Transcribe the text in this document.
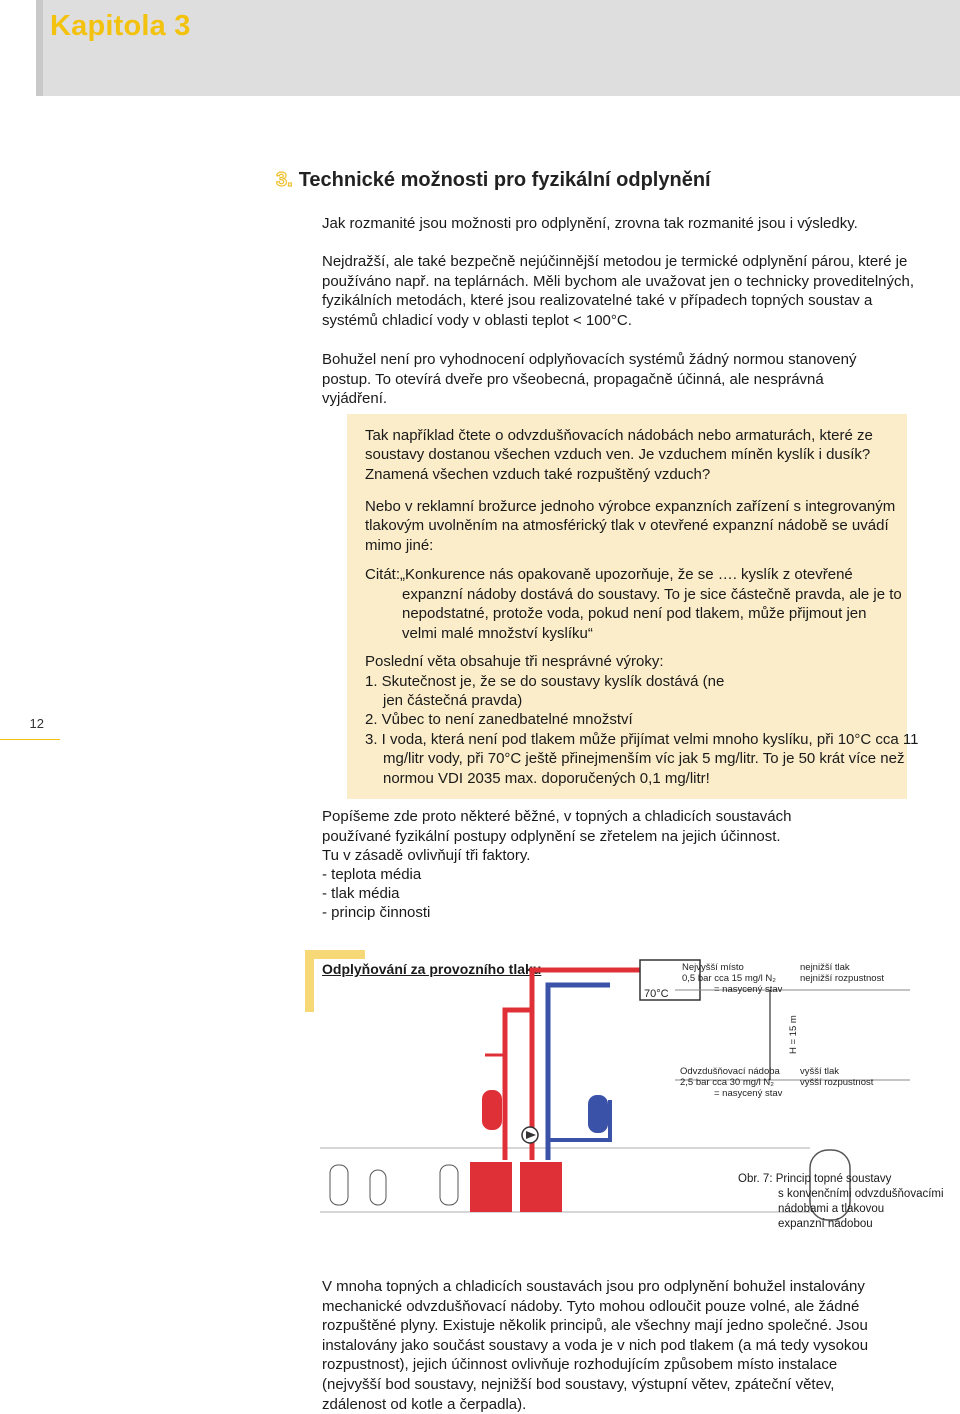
Kapitola 3
3. Technické možnosti pro fyzikální odplynění

Jak rozmanité jsou možnosti pro odplynění, zrovna tak rozmanité jsou i výsledky.

Nejdražší, ale také bezpečně nejúčinnější metodou je termické odplynění párou, které je používáno např. na teplárnách. Měli bychom ale uvažovat jen o technicky proveditelných, fyzikálních metodách, které jsou realizovatelné také v případech topných soustav a systémů chladicí vody v oblasti teplot < 100°C.

Bohužel není pro vyhodnocení odplyňovacích systémů žádný normou stanovený postup. To otevírá dveře pro všeobecná, propagačně účinná, ale nesprávná vyjádření.

Tak například čtete o odvzdušňovacích nádobách nebo armaturách, které ze soustavy dostanou všechen vzduch ven. Je vzduchem míněn kyslík i dusík? Znamená všechen vzduch také rozpuštěný vzduch?

Nebo v reklamní brožurce jednoho výrobce expanzních zařízení s integrovaným tlakovým uvolněním na atmosférický tlak v otevřené expanzní nádobě se uvádí mimo jiné:

Citát:„Konkurence nás opakovaně upozorňuje, že se …. kyslík z otevřené

expanzní nádoby dostává do soustavy. To je sice částečně pravda, ale je to nepodstatné, protože voda, pokud není pod tlakem, může přijmout jen velmi malé množství kyslíku“

Poslední věta obsahuje tři nesprávné výroky:

1. Skutečnost je, že se do soustavy kyslík dostává (ne jen částečná pravda)

2. Vůbec to není zanedbatelné množství

3. I voda, která není pod tlakem může přijímat velmi mnoho kyslíku, při 10°C cca 11 mg/litr vody, při 70°C ještě přinejmenším víc jak 5 mg/litr. To je 50 krát více než normou VDI 2035 max. doporučených 0,1 mg/litr!

12

Popíšeme zde proto některé běžné, v topných a chladicích soustavách používané fyzikální postupy odplynění se zřetelem na jejich účinnost.

Tu v zásadě ovlivňují tři faktory.

- teplota média

- tlak média

- princip činnosti

Odplyňování za provozního tlaku
70°C
Nejvyšší místo
0,5 bar cca 15 mg/l N₂
= nasycený stav
nejnižší tlak
nejnižší rozpustnost
H = 15 m
Odvzdušňovací nádoba
2,5 bar cca 30 mg/l N₂
= nasycený stav
vyšší tlak
vyšší rozpustnost
Obr. 7: Princip topné soustavy
s konvenčními odvzdušňovacími
nádobami a tlakovou
expanzní nádobou

V mnoha topných a chladicích soustavách jsou pro odplynění bohužel instalovány mechanické odvzdušňovací nádoby. Tyto mohou odloučit pouze volné, ale žádné rozpuštěné plyny. Existuje několik principů, ale všechny mají jedno společné. Jsou instalovány jako součást soustavy a voda je v nich pod tlakem (a má tedy vysokou rozpustnost), jejich účinnost ovlivňuje rozhodujícím způsobem místo instalace (nejvyšší bod soustavy, nejnižší bod soustavy, výstupní větev, zpáteční větev, zdálenost od kotle a čerpadla).
